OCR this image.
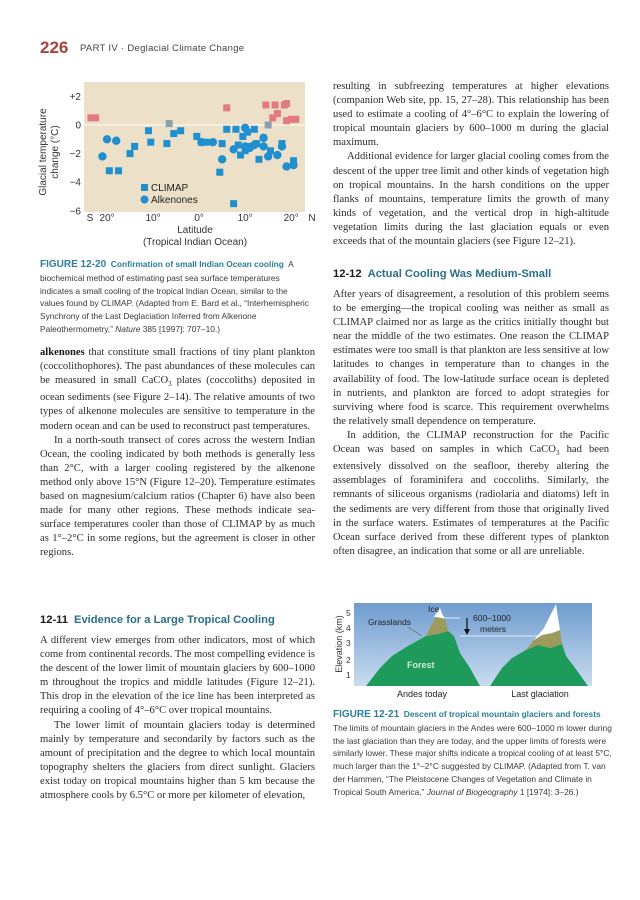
226 PART IV · Deglacial Climate Change
+2
0
−2
−4
−6
CLIMAP
Alkenones
Glacial temperature change (°C)
S 20°	10°	0°	10°	20° N
Latitude
(Tropical Indian Ocean)
FIGURE 12-20 Confirmation of small Indian Ocean cooling A biochemical method of estimating past sea surface temperatures indicates a small cooling of the tropical Indian Ocean, similar to the values found by CLIMAP. (Adapted from E. Bard et al., “Interhemispheric Synchrony of the Last Deglaciation Inferred from Alkenone Paleothermometry,” Nature 385 [1997]: 707–10.)

alkenones that constitute small fractions of tiny plant plankton (coccolithophores). The past abundances of these molecules can be measured in small CaCO$_3$ plates (coccoliths) deposited in ocean sediments (see Figure 2–14). The relative amounts of two types of alkenone molecules are sensitive to temperature in the modern ocean and can be used to reconstruct past temperatures.

In a north-south transect of cores across the western Indian Ocean, the cooling indicated by both methods is generally less than 2°C, with a larger cooling registered by the alkenone method only above 15°N (Figure 12–20). Temperature estimates based on magnesium/calcium ratios (Chapter 6) have also been made for many other regions. These methods indicate sea-surface temperatures cooler than those of CLIMAP by as much as 1°–2°C in some regions, but the agreement is closer in other regions.

12-11 Evidence for a Large Tropical Cooling

A different view emerges from other indicators, most of which come from continental records. The most compelling evidence is the descent of the lower limit of mountain glaciers by 600–1000 m throughout the tropics and middle latitudes (Figure 12–21). This drop in the elevation of the ice line has been interpreted as requiring a cooling of 4°–6°C over tropical mountains.

The lower limit of mountain glaciers today is determined mainly by temperature and secondarily by factors such as the amount of precipitation and the degree to which local mountain topography shelters the glaciers from direct sunlight. Glaciers exist today on tropical mountains higher than 5 km because the atmosphere cools by 6.5°C or more per kilometer of elevation,

resulting in subfreezing temperatures at higher elevations (companion Web site, pp. 15, 27–28). This relationship has been used to estimate a cooling of 4°–6°C to explain the lowering of tropical mountain glaciers by 600–1000 m during the glacial maximum.

Additional evidence for larger glacial cooling comes from the descent of the upper tree limit and other kinds of vegetation high on tropical mountains. In the harsh conditions on the upper flanks of mountains, temperature limits the growth of many kinds of vegetation, and the vertical drop in high-altitude vegetation limits during the last glaciation equals or even exceeds that of the mountain glaciers (see Figure 12–21).

12-12 Actual Cooling Was Medium-Small

After years of disagreement, a resolution of this problem seems to be emerging—the tropical cooling was neither as small as CLIMAP claimed nor as large as the critics initially thought but near the middle of the two estimates. One reason the CLIMAP estimates were too small is that plankton are less sensitive at low latitudes to changes in temperature than to changes in the availability of food. The low-latitude surface ocean is depleted in nutrients, and plankton are forced to adopt strategies for surviving where food is scarce. This requirement overwhelms the relatively small dependence on temperature.

In addition, the CLIMAP reconstruction for the Pacific Ocean was based on samples in which CaCO$_3$ had been extensively dissolved on the seafloor, thereby altering the assemblages of foraminifera and coccoliths. Similarly, the remnants of siliceous organisms (radiolaria and diatoms) left in the sediments are very different from those that originally lived in the surface waters. Estimates of temperatures at the Pacific Ocean surface derived from these different types of plankton often disagree, an indication that some or all are unreliable.

Ice
Grasslands
Forest
600–1000
meters
Elevation (km)
5
4
3
2
1
Andes today	Last glaciation
FIGURE 12-21 Descent of tropical mountain glaciers and forests  The limits of mountain glaciers in the Andes were 600–1000 m lower during the last glaciation than they are today, and the upper limits of forests were similarly lower. These major shifts indicate a tropical cooling of at least 5°C, much larger than the 1°–2°C suggested by CLIMAP. (Adapted from T. van der Hammen, “The Pleistocene Changes of Vegetation and Climate in Tropical South America,” Journal of Biogeography 1 [1974]: 3–26.)
